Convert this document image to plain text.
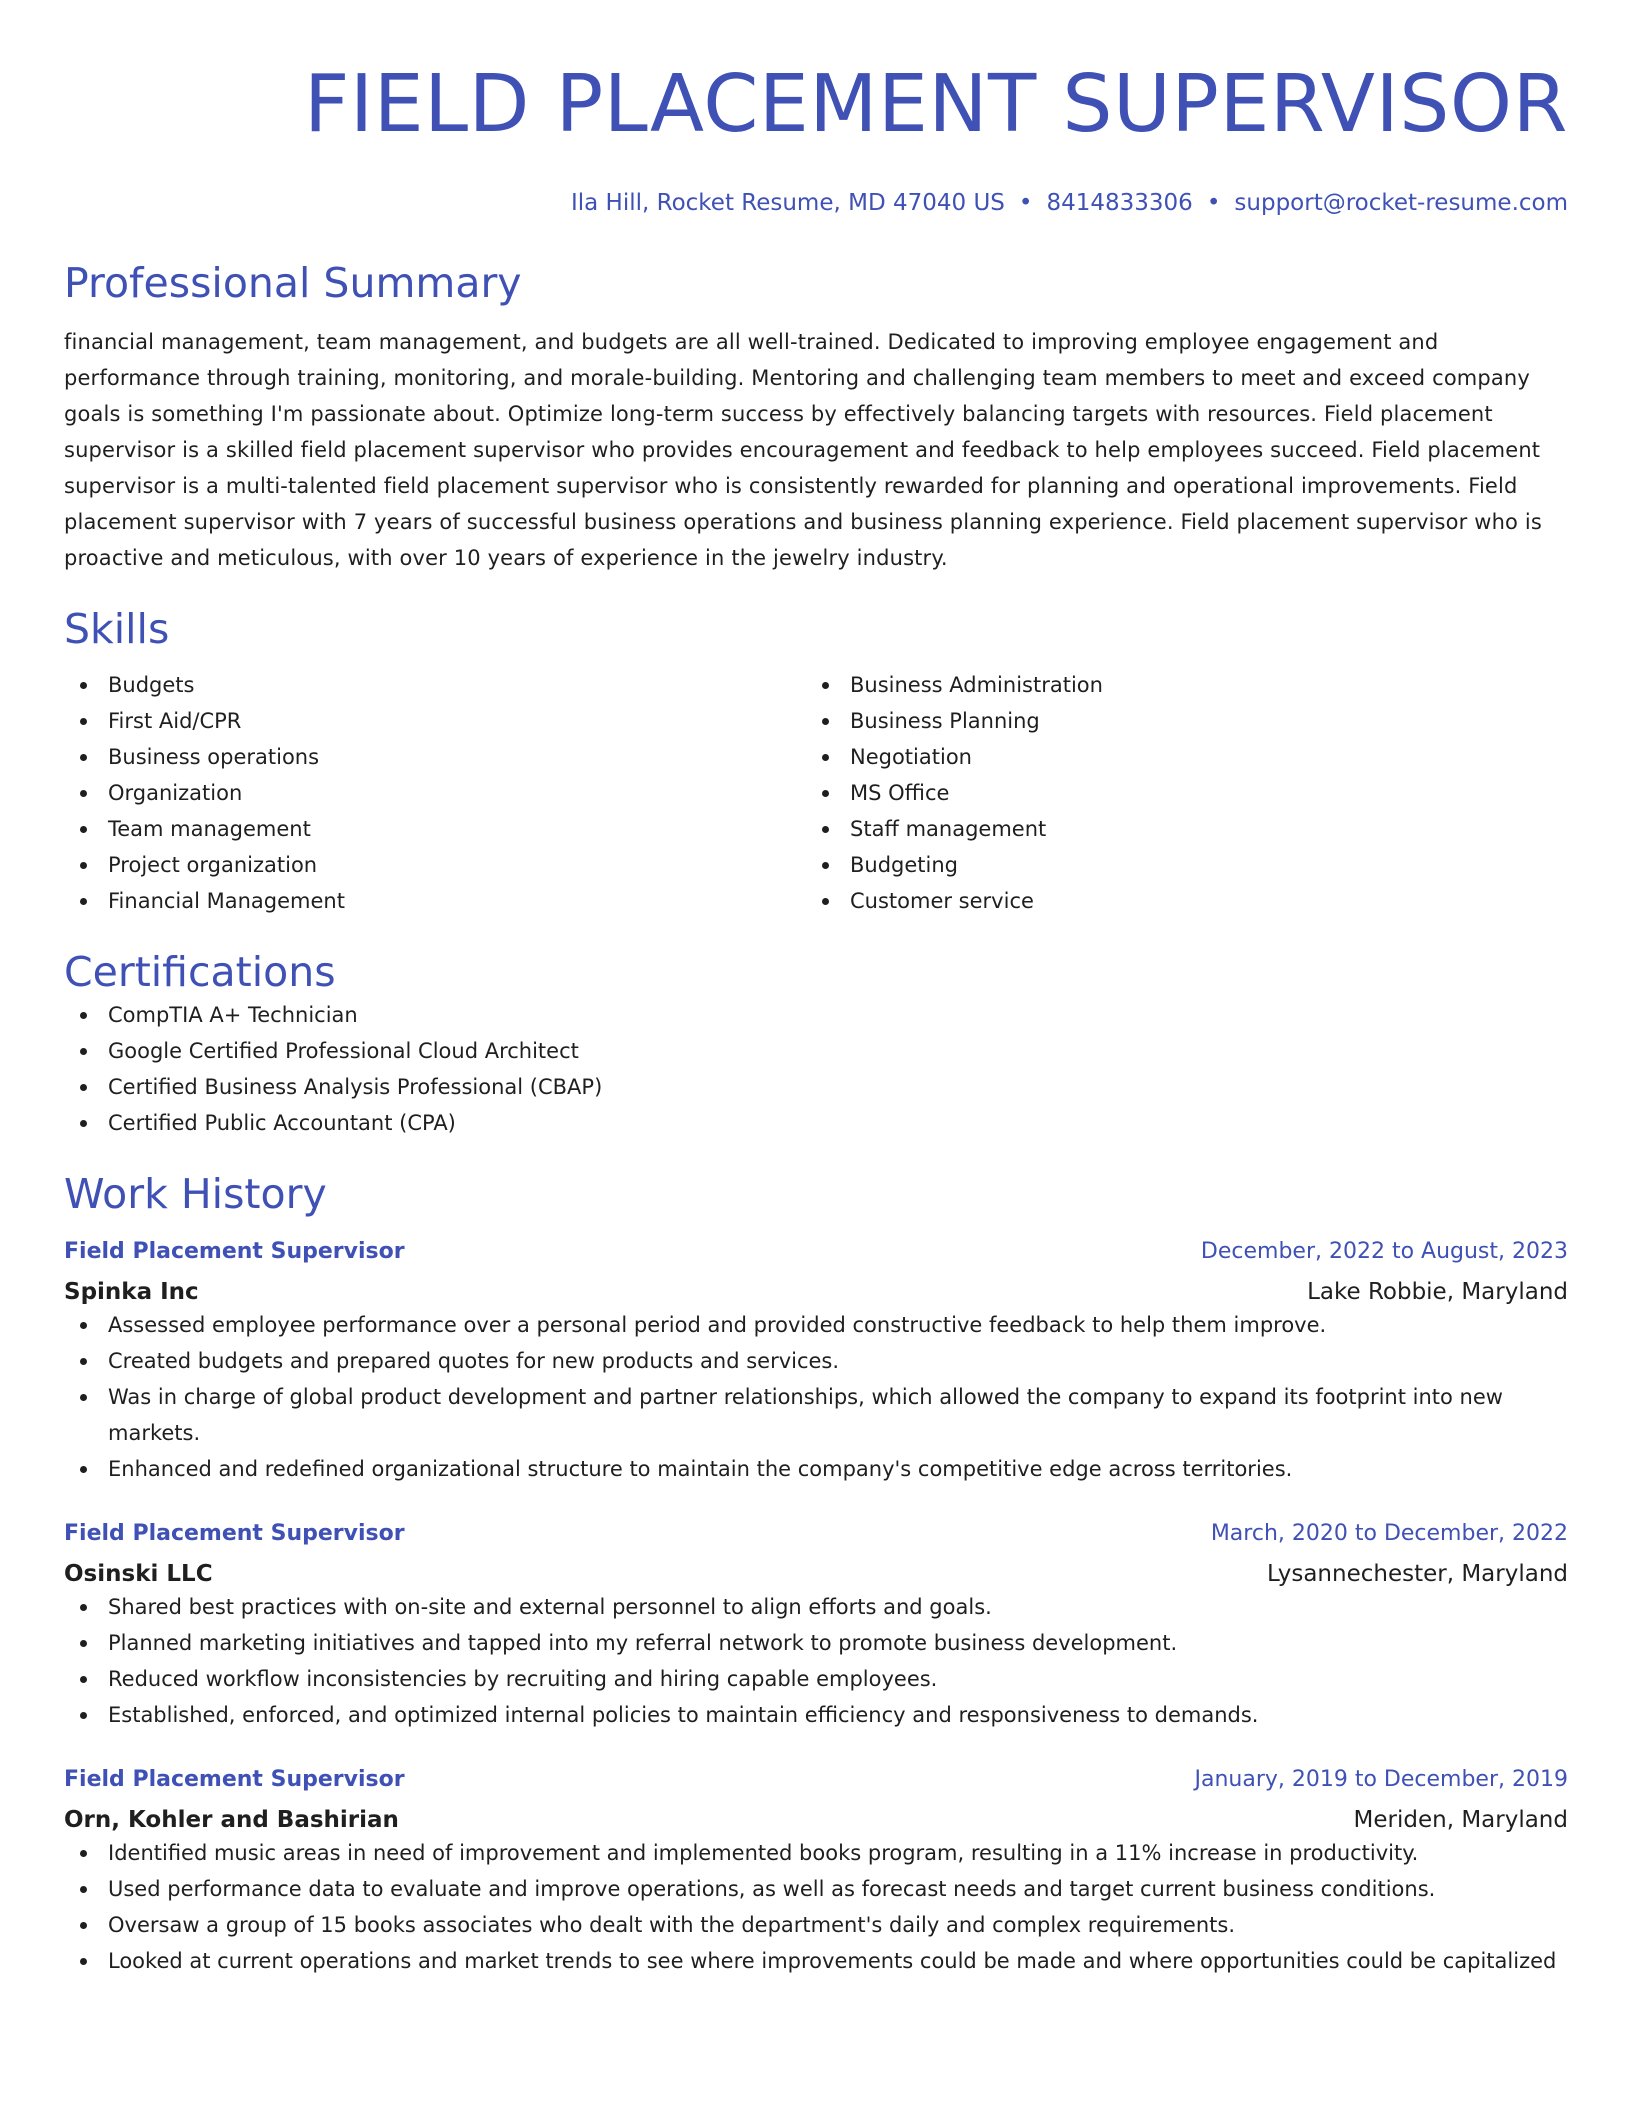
FIELD PLACEMENT SUPERVISOR
Ila Hill, Rocket Resume, MD 47040 US • 8414833306 • support@rocket-resume.com
Professional Summary

financial management, team management, and budgets are all well-trained. Dedicated to improving employee engagement and performance through training, monitoring, and morale-building. Mentoring and challenging team members to meet and exceed company goals is something I'm passionate about. Optimize long-term success by effectively balancing targets with resources. Field placement supervisor is a skilled field placement supervisor who provides encouragement and feedback to help employees succeed. Field placement supervisor is a multi-talented field placement supervisor who is consistently rewarded for planning and operational improvements. Field placement supervisor with 7 years of successful business operations and business planning experience. Field placement supervisor who is proactive and meticulous, with over 10 years of experience in the jewelry industry.

Skills
Budgets
First Aid/CPR
Business operations
Organization
Team management
Project organization
Financial Management
Business Administration
Business Planning
Negotiation
MS Office
Staff management
Budgeting
Customer service
Certifications
CompTIA A+ Technician
Google Certified Professional Cloud Architect
Certified Business Analysis Professional (CBAP)
Certified Public Accountant (CPA)
Work History
Field Placement Supervisor	December, 2022 to August, 2023
Spinka Inc	Lake Robbie, Maryland
Assessed employee performance over a personal period and provided constructive feedback to help them improve.
Created budgets and prepared quotes for new products and services.
Was in charge of global product development and partner relationships, which allowed the company to expand its footprint into new markets.
Enhanced and redefined organizational structure to maintain the company's competitive edge across territories.
Field Placement Supervisor	March, 2020 to December, 2022
Osinski LLC	Lysannechester, Maryland
Shared best practices with on-site and external personnel to align efforts and goals.
Planned marketing initiatives and tapped into my referral network to promote business development.
Reduced workflow inconsistencies by recruiting and hiring capable employees.
Established, enforced, and optimized internal policies to maintain efficiency and responsiveness to demands.
Field Placement Supervisor	January, 2019 to December, 2019
Orn, Kohler and Bashirian	Meriden, Maryland
Identified music areas in need of improvement and implemented books program, resulting in a 11% increase in productivity.
Used performance data to evaluate and improve operations, as well as forecast needs and target current business conditions.
Oversaw a group of 15 books associates who dealt with the department's daily and complex requirements.
Looked at current operations and market trends to see where improvements could be made and where opportunities could be capitalized
